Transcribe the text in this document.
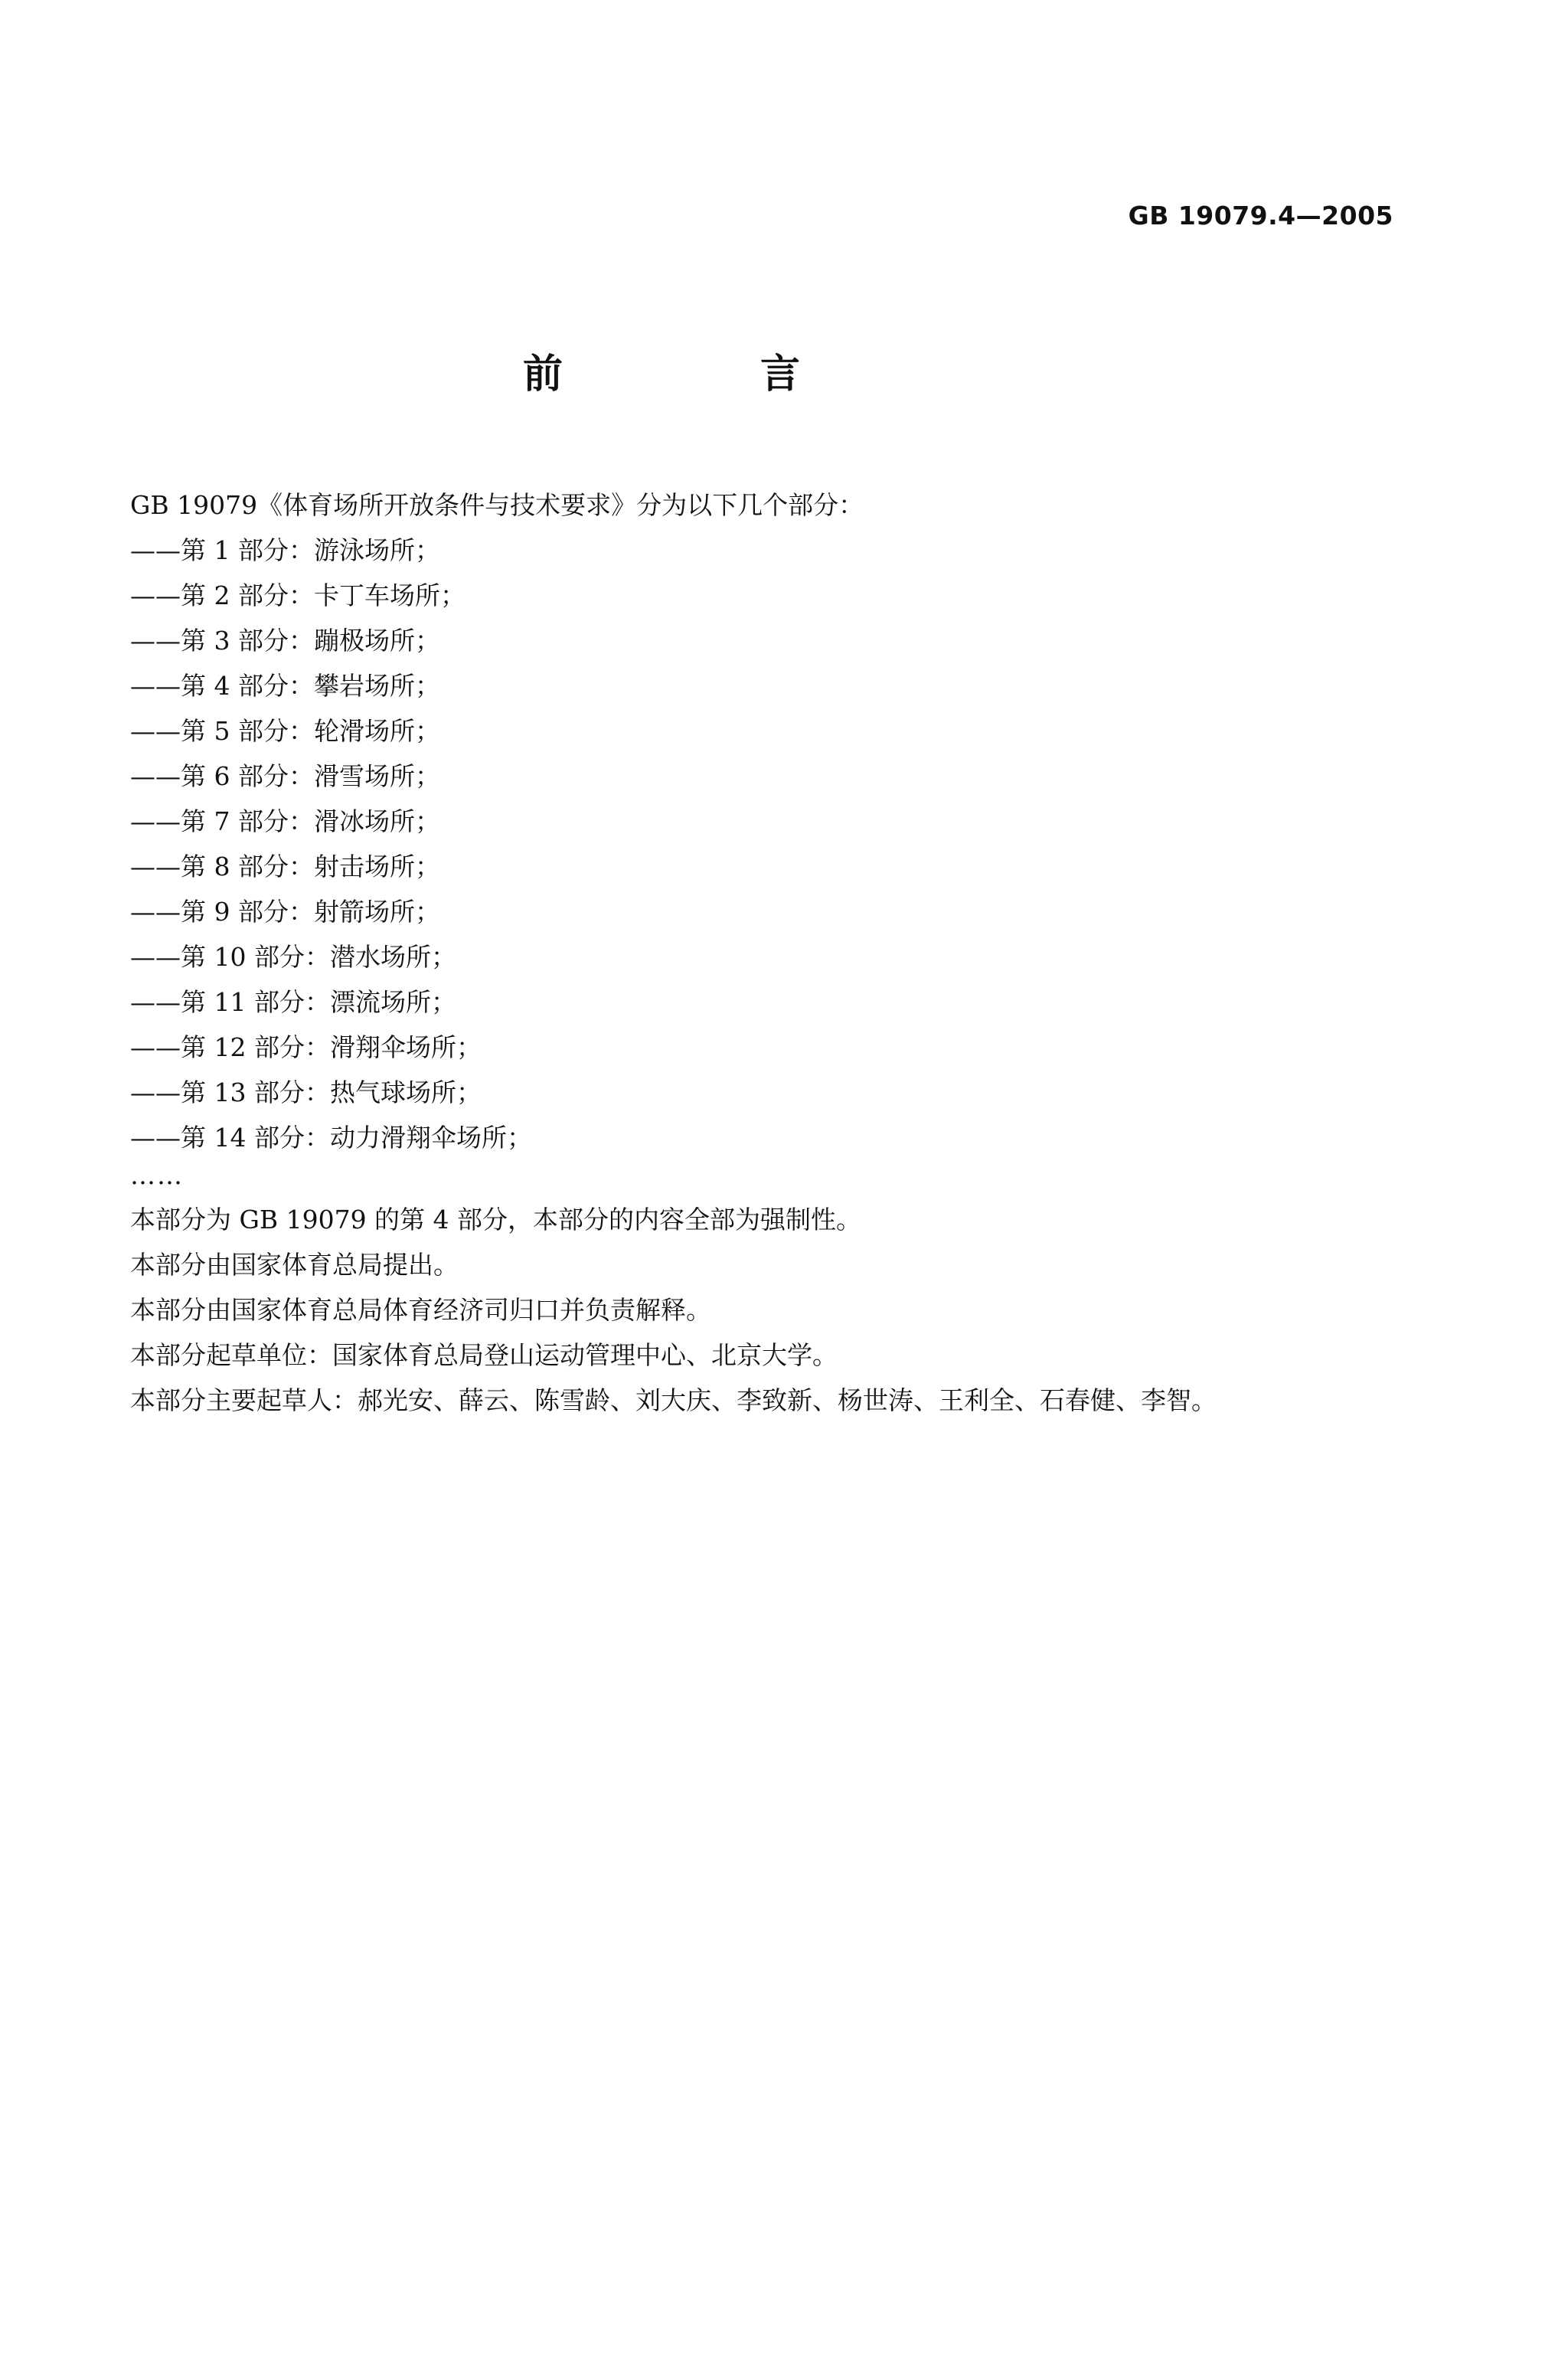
GB 19079.4—2005
前 言
GB 19079《体育场所开放条件与技术要求》分为以下几个部分：
——第 1 部分：游泳场所；
——第 2 部分：卡丁车场所；
——第 3 部分：蹦极场所；
——第 4 部分：攀岩场所；
——第 5 部分：轮滑场所；
——第 6 部分：滑雪场所；
——第 7 部分：滑冰场所；
——第 8 部分：射击场所；
——第 9 部分：射箭场所；
——第 10 部分：潜水场所；
——第 11 部分：漂流场所；
——第 12 部分：滑翔伞场所；
——第 13 部分：热气球场所；
——第 14 部分：动力滑翔伞场所；
……
本部分为 GB 19079 的第 4 部分，本部分的内容全部为强制性。
本部分由国家体育总局提出。
本部分由国家体育总局体育经济司归口并负责解释。
本部分起草单位：国家体育总局登山运动管理中心、北京大学。
本部分主要起草人：郝光安、薛云、陈雪龄、刘大庆、李致新、杨世涛、王利全、石春健、李智。
